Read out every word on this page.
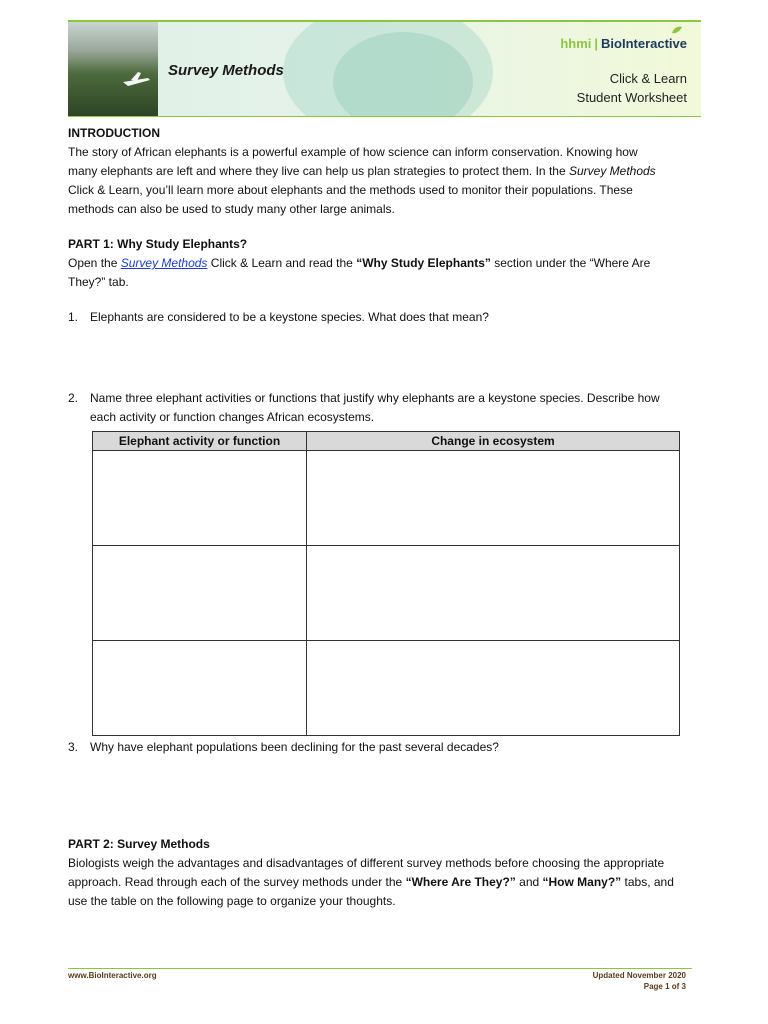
Survey Methods
hhmi | BioInteractive
Click & Learn
Student Worksheet
INTRODUCTION
The story of African elephants is a powerful example of how science can inform conservation. Knowing how
many elephants are left and where they live can help us plan strategies to protect them. In the Survey Methods
Click & Learn, you’ll learn more about elephants and the methods used to monitor their populations. These
methods can also be used to study many other large animals.
PART 1: Why Study Elephants?
Open the Survey Methods Click & Learn and read the “Why Study Elephants” section under the “Where Are
They?” tab.
1. Elephants are considered to be a keystone species. What does that mean?
2. Name three elephant activities or functions that justify why elephants are a keystone species. Describe how
each activity or function changes African ecosystems.
Elephant activity or function	Change in ecosystem

3. Why have elephant populations been declining for the past several decades?
PART 2: Survey Methods
Biologists weigh the advantages and disadvantages of different survey methods before choosing the appropriate
approach. Read through each of the survey methods under the “Where Are They?” and “How Many?” tabs, and
use the table on the following page to organize your thoughts.
www.BioInteractive.org	Updated November 2020
Page 1 of 3
